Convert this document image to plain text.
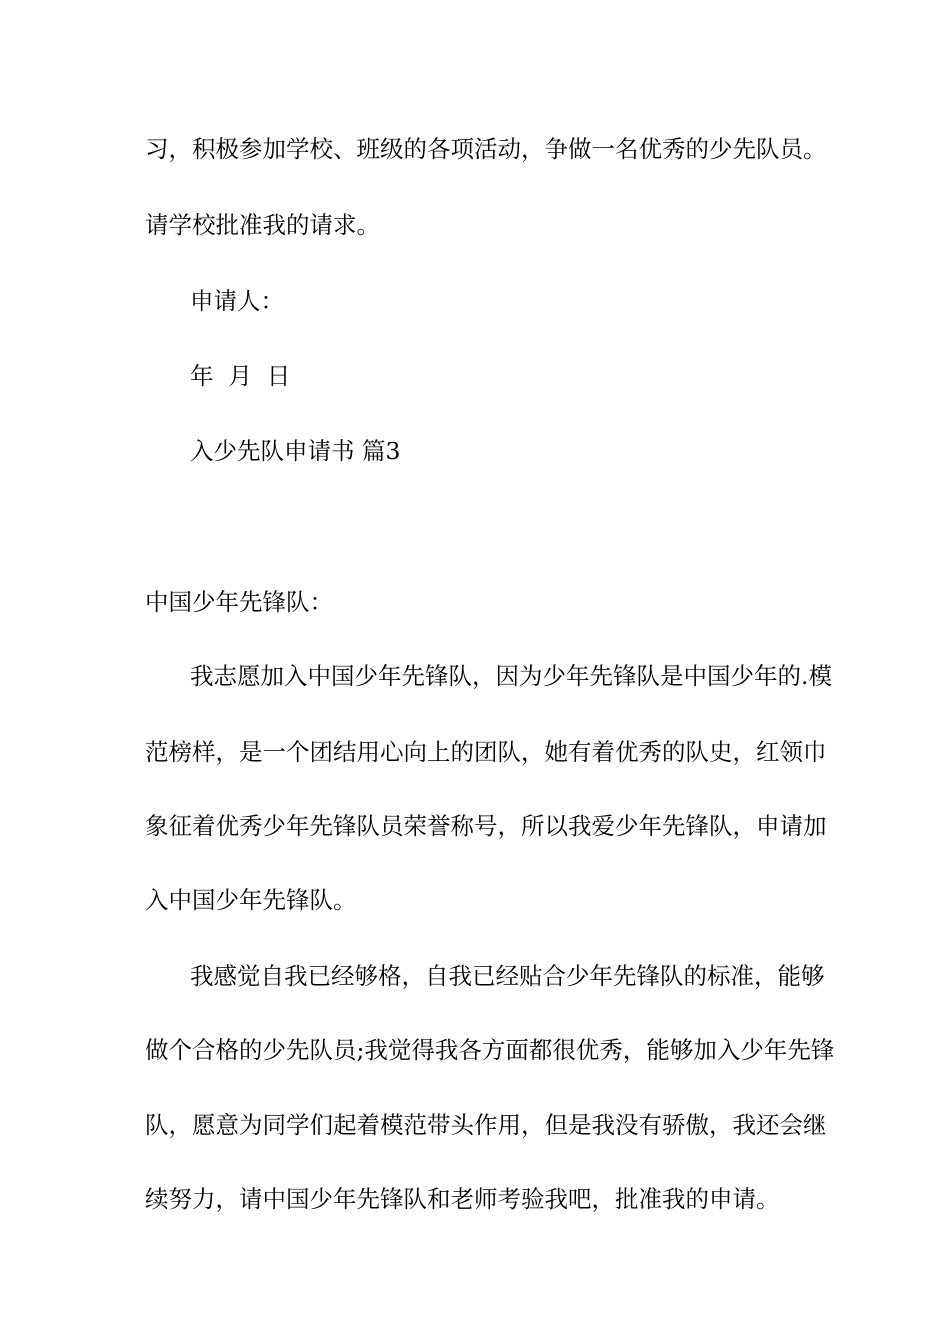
习，积极参加学校、班级的各项活动，争做一名优秀的少先队员。
请学校批准我的请求。
申请人：
年  月  日
入少先队申请书 篇3
中国少年先锋队：
我志愿加入中国少年先锋队，因为少年先锋队是中国少年的.模
范榜样，是一个团结用心向上的团队，她有着优秀的队史，红领巾
象征着优秀少年先锋队员荣誉称号，所以我爱少年先锋队，申请加
入中国少年先锋队。
我感觉自我已经够格，自我已经贴合少年先锋队的标准，能够
做个合格的少先队员;我觉得我各方面都很优秀，能够加入少年先锋
队，愿意为同学们起着模范带头作用，但是我没有骄傲，我还会继
续努力，请中国少年先锋队和老师考验我吧，批准我的申请。
